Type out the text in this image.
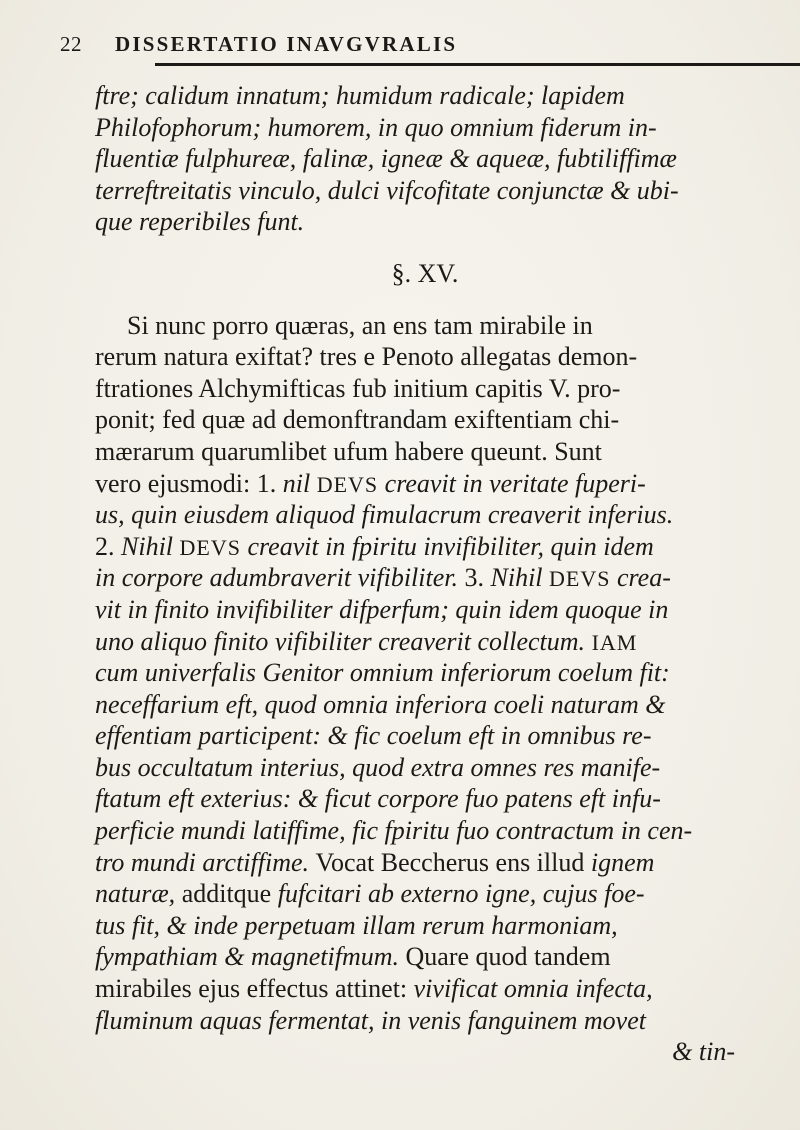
22 DISSERTATIO INAVGVRALIS
ftre; calidum innatum; humidum radicale; lapidem
Philofophorum; humorem, in quo omnium fiderum in-
fluentiæ fulphureæ, falinæ, igneæ & aqueæ, fubtiliffimæ
terreftreitatis vinculo, dulci vifcofitate conjunctæ & ubi-
que reperibiles funt.
§. XV.
Si nunc porro quæras, an ens tam mirabile in
rerum natura exiftat? tres e Penoto allegatas demon-
ftrationes Alchymifticas fub initium capitis V. pro-
ponit; fed quæ ad demonftrandam exiftentiam chi-
mærarum quarumlibet ufum habere queunt. Sunt
vero ejusmodi: 1. nil DEVS creavit in veritate fuperi-
us, quin eiusdem aliquod fimulacrum creaverit inferius.
2. Nihil DEVS creavit in fpiritu invifibiliter, quin idem
in corpore adumbraverit vifibiliter. 3. Nihil DEVS crea-
vit in finito invifibiliter difperfum; quin idem quoque in
uno aliquo finito vifibiliter creaverit collectum. IAM
cum univerfalis Genitor omnium inferiorum coelum fit:
neceffarium eft, quod omnia inferiora coeli naturam &
effentiam participent: & fic coelum eft in omnibus re-
bus occultatum interius, quod extra omnes res manife-
ftatum eft exterius: & ficut corpore fuo patens eft infu-
perficie mundi latiffime, fic fpiritu fuo contractum in cen-
tro mundi arctiffime. Vocat Beccherus ens illud ignem
naturæ, additque fufcitari ab externo igne, cujus foe-
tus fit, & inde perpetuam illam rerum harmoniam,
fympathiam & magnetifmum. Quare quod tandem
mirabiles ejus effectus attinet: vivificat omnia infecta,
fluminum aquas fermentat, in venis fanguinem movet
& tin-
